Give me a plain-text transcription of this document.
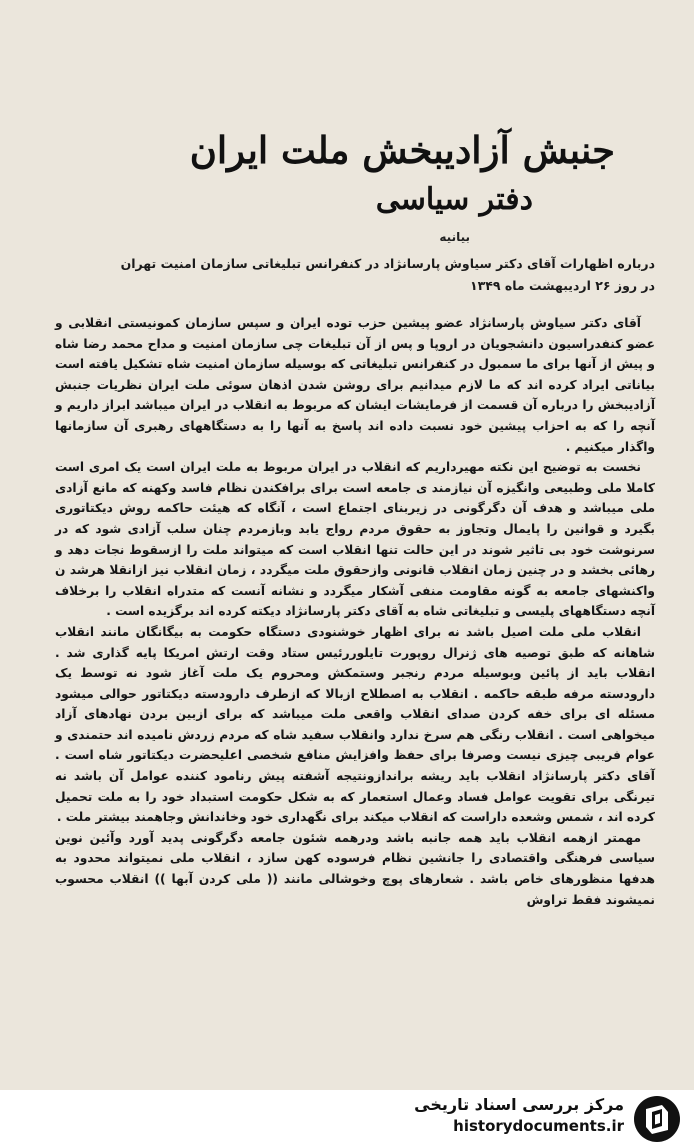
جنبش آزادیبخش ملت ایران
دفتر سیاسی
بیانیه
درباره اظهارات آقای دکتر سیاوش پارسانژاد در کنفرانس تبلیغاتی سازمان امنیت تهران
در روز ۲۶ اردیبهشت ماه ۱۳۴۹

آقای دکتر سیاوش پارسانژاد عضو پیشین حزب توده ایران و سپس سازمان کمونیستی انقلابی و عضو کنفدراسیون دانشجویان در اروپا و پس از آن تبلیغات چی سازمان امنیت و مداح محمد رضا شاه و پیش از آنها برای ما سمبول در کنفرانس تبلیغاتی که بوسیله سازمان امنیت شاه تشکیل یافته است بیاناتی ایراد کرده اند که ما لازم میدانیم برای روشن شدن اذهان سوئی ملت ایران نظریات جنبش آزادیبخش را درباره آن قسمت از فرمایشات ایشان که مربوط به انقلاب در ایران میباشد ابراز داریم و آنچه را که به احزاب پیشین خود نسبت داده اند پاسخ به آنها را به دستگاههای رهبری آن سازمانها واگذار میکنیم .

نخست به توضیح این نکته مهیرداریم که انقلاب در ایران مربوط به ملت ایران است یک امری است کاملا ملی وطبیعی وانگیزه آن نیازمند ی جامعه است برای برافکندن نظام فاسد وکهنه که مانع آزادی ملی میباشد و هدف آن دگرگونی در زیربنای اجتماع است ، آنگاه که هیئت حاکمه روش دیکتاتوری بگیرد و قوانین را پایمال وتجاوز به حقوق مردم رواج یابد وبازمردم چنان سلب آزادی شود که در سرنوشت خود بی تاثیر شوند در این حالت تنها انقلاب است که میتواند ملت را ازسقوط نجات دهد و رهائی بخشد و در چنین زمان انقلاب قانونی وازحقوق ملت میگردد ، زمان انقلاب نیز ازانقلا هرشد ن واکنشهای جامعه به گونه مقاومت منفی آشکار میگردد و نشانه آنست که متدراه انقلاب را برخلاف آنچه دستگاههای پلیسی و تبلیغاتی شاه به آقای دکتر پارسانژاد دیکته کرده اند برگزیده است .

انقلاب ملی ملت اصیل باشد نه برای اظهار خوشنودی دستگاه حکومت به بیگانگان مانند انقلاب شاهانه که طبق توصیه های ژنرال روپورت تایلوررئیس ستاد وقت ارتش امریکا پایه گذاری شد . انقلاب باید از پائین وبوسیله مردم رنجبر وستمکش ومحروم یک ملت آغاز شود نه توسط یک دارودسته مرفه طبقه حاکمه . انقلاب به اصطلاح ازبالا که ازطرف دارودسته دیکتاتور حوالی میشود مسئله ای برای خفه کردن صدای انقلاب واقعی ملت میباشد که برای ازبین بردن نهادهای آزاد میخواهی است . انقلاب رنگی هم سرخ ندارد وانقلاب سفید شاه که مردم زردش نامیده اند حتمندی و عوام فریبی چیزی نیست وصرفا برای حفظ وافزایش منافع شخصی اعلیحضرت دیکتاتور شاه است . آقای دکتر پارسانژاد انقلاب باید ریشه براندازونتیجه آشفته پیش رنامود کننده عوامل آن باشد نه تیرنگی برای تقویت عوامل فساد وعمال استعمار که به شکل حکومت استبداد خود را به ملت تحمیل کرده اند ، شمس وشعده داراست که انقلاب میکند برای نگهداری خود وخاندانش وجاهمند بیشتر ملت .

مهمتر ازهمه انقلاب باید همه جانبه باشد ودرهمه شئون جامعه دگرگونی پدید آورد وآئین نوین سیاسی فرهنگی واقتصادی را جانشین نظام فرسوده کهن سازد ، انقلاب ملی نمیتواند محدود به هدفها منظورهای خاص باشد . شعارهای پوچ وخوشالی مانند (( ملی کردن آبها )) انقلاب محسوب نمیشوند فقط تراوش

مرکز بررسی اسناد تاریخی
historydocuments.ir
